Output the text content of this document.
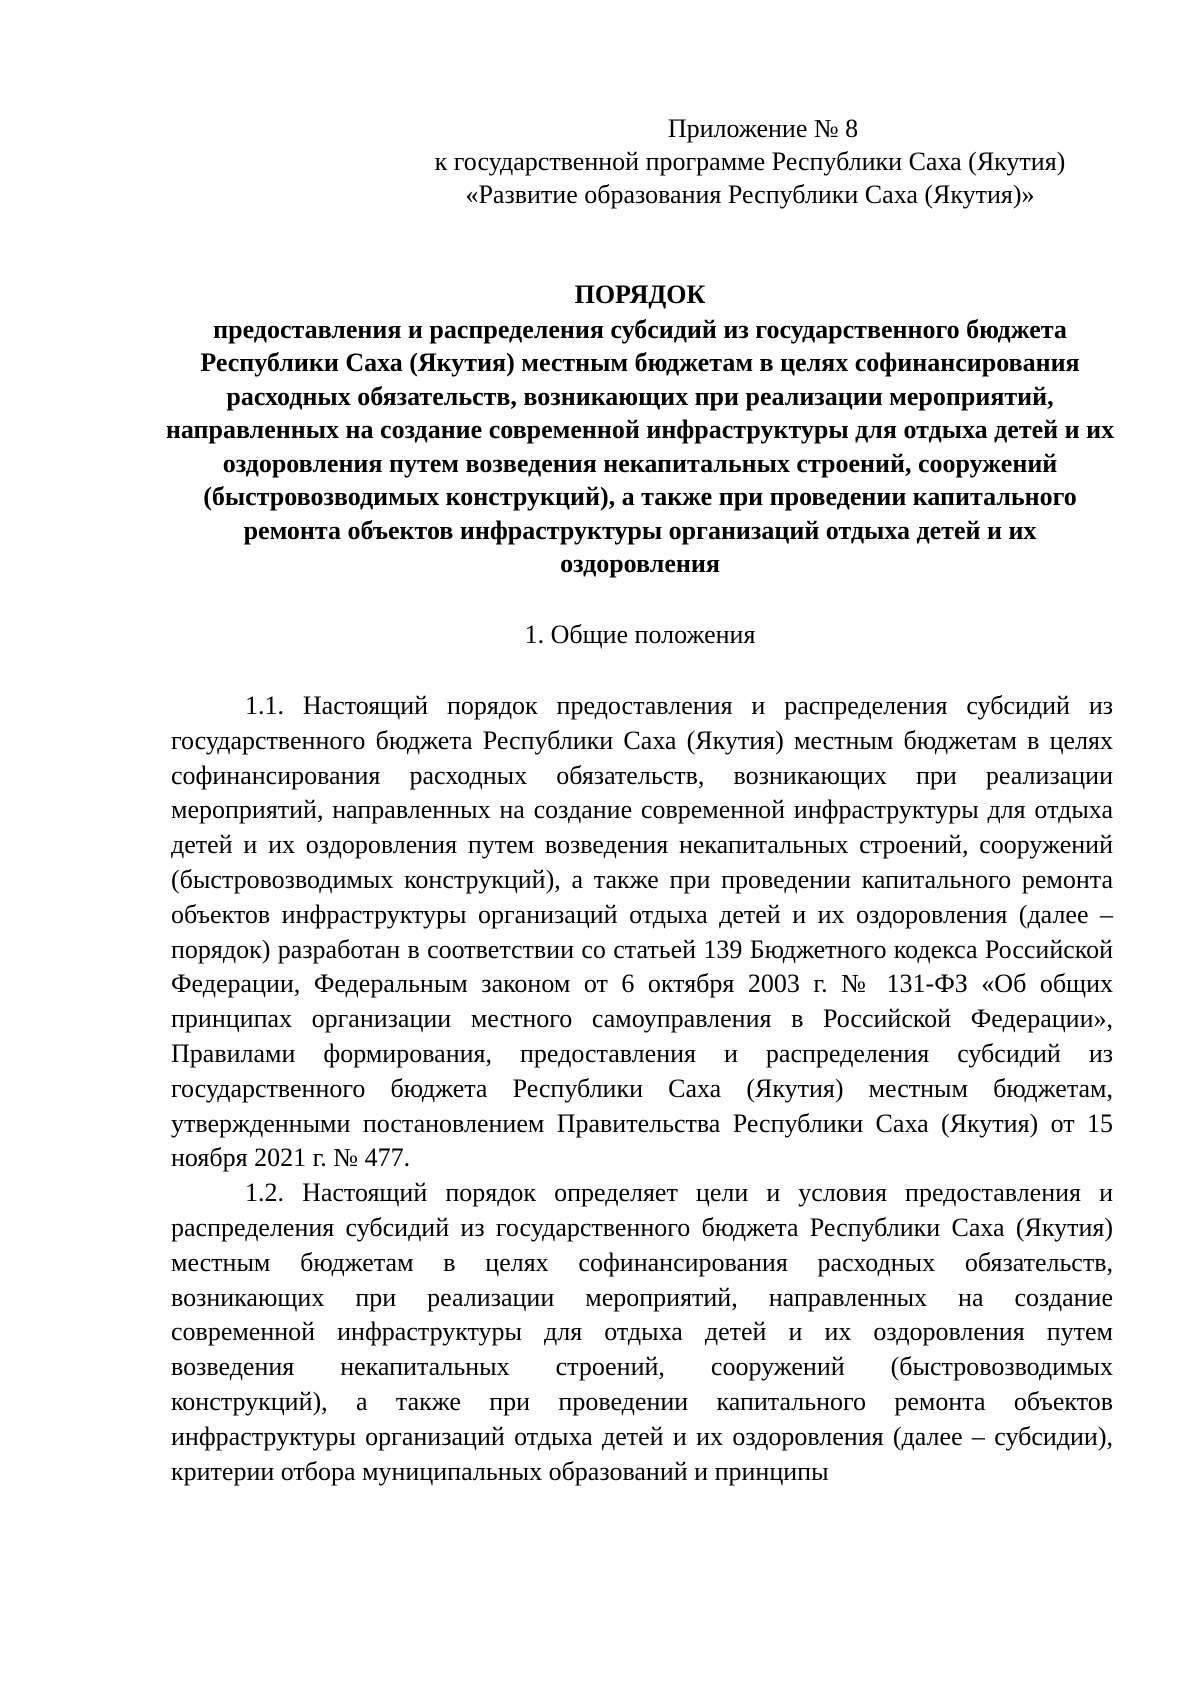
Приложение № 8
к государственной программе Республики Саха (Якутия)
«Развитие образования Республики Саха (Якутия)»
ПОРЯДОК
предоставления и распределения субсидий из государственного бюджета Республики Саха (Якутия) местным бюджетам в целях софинансирования расходных обязательств, возникающих при реализации мероприятий, направленных на создание современной инфраструктуры для отдыха детей и их оздоровления путем возведения некапитальных строений, сооружений (быстровозводимых конструкций), а также при проведении капитального ремонта объектов инфраструктуры организаций отдыха детей и их оздоровления
1. Общие положения

1.1. Настоящий порядок предоставления и распределения субсидий из государственного бюджета Республики Саха (Якутия) местным бюджетам в целях софинансирования расходных обязательств, возникающих при реализации мероприятий, направленных на создание современной инфраструктуры для отдыха детей и их оздоровления путем возведения некапитальных строений, сооружений (быстровозводимых конструкций), а также при проведении капитального ремонта объектов инфраструктуры организаций отдыха детей и их оздоровления (далее – порядок) разработан в соответствии со статьей 139 Бюджетного кодекса Российской Федерации, Федеральным законом от 6 октября 2003 г. № 131-ФЗ «Об общих принципах организации местного самоуправления в Российской Федерации», Правилами формирования, предоставления и распределения субсидий из государственного бюджета Республики Саха (Якутия) местным бюджетам, утвержденными постановлением Правительства Республики Саха (Якутия) от 15 ноября 2021 г. № 477.

1.2. Настоящий порядок определяет цели и условия предоставления и распределения субсидий из государственного бюджета Республики Саха (Якутия) местным бюджетам в целях софинансирования расходных обязательств, возникающих при реализации мероприятий, направленных на создание современной инфраструктуры для отдыха детей и их оздоровления путем возведения некапитальных строений, сооружений (быстровозводимых конструкций), а также при проведении капитального ремонта объектов инфраструктуры организаций отдыха детей и их оздоровления (далее – субсидии), критерии отбора муниципальных образований и принципы
